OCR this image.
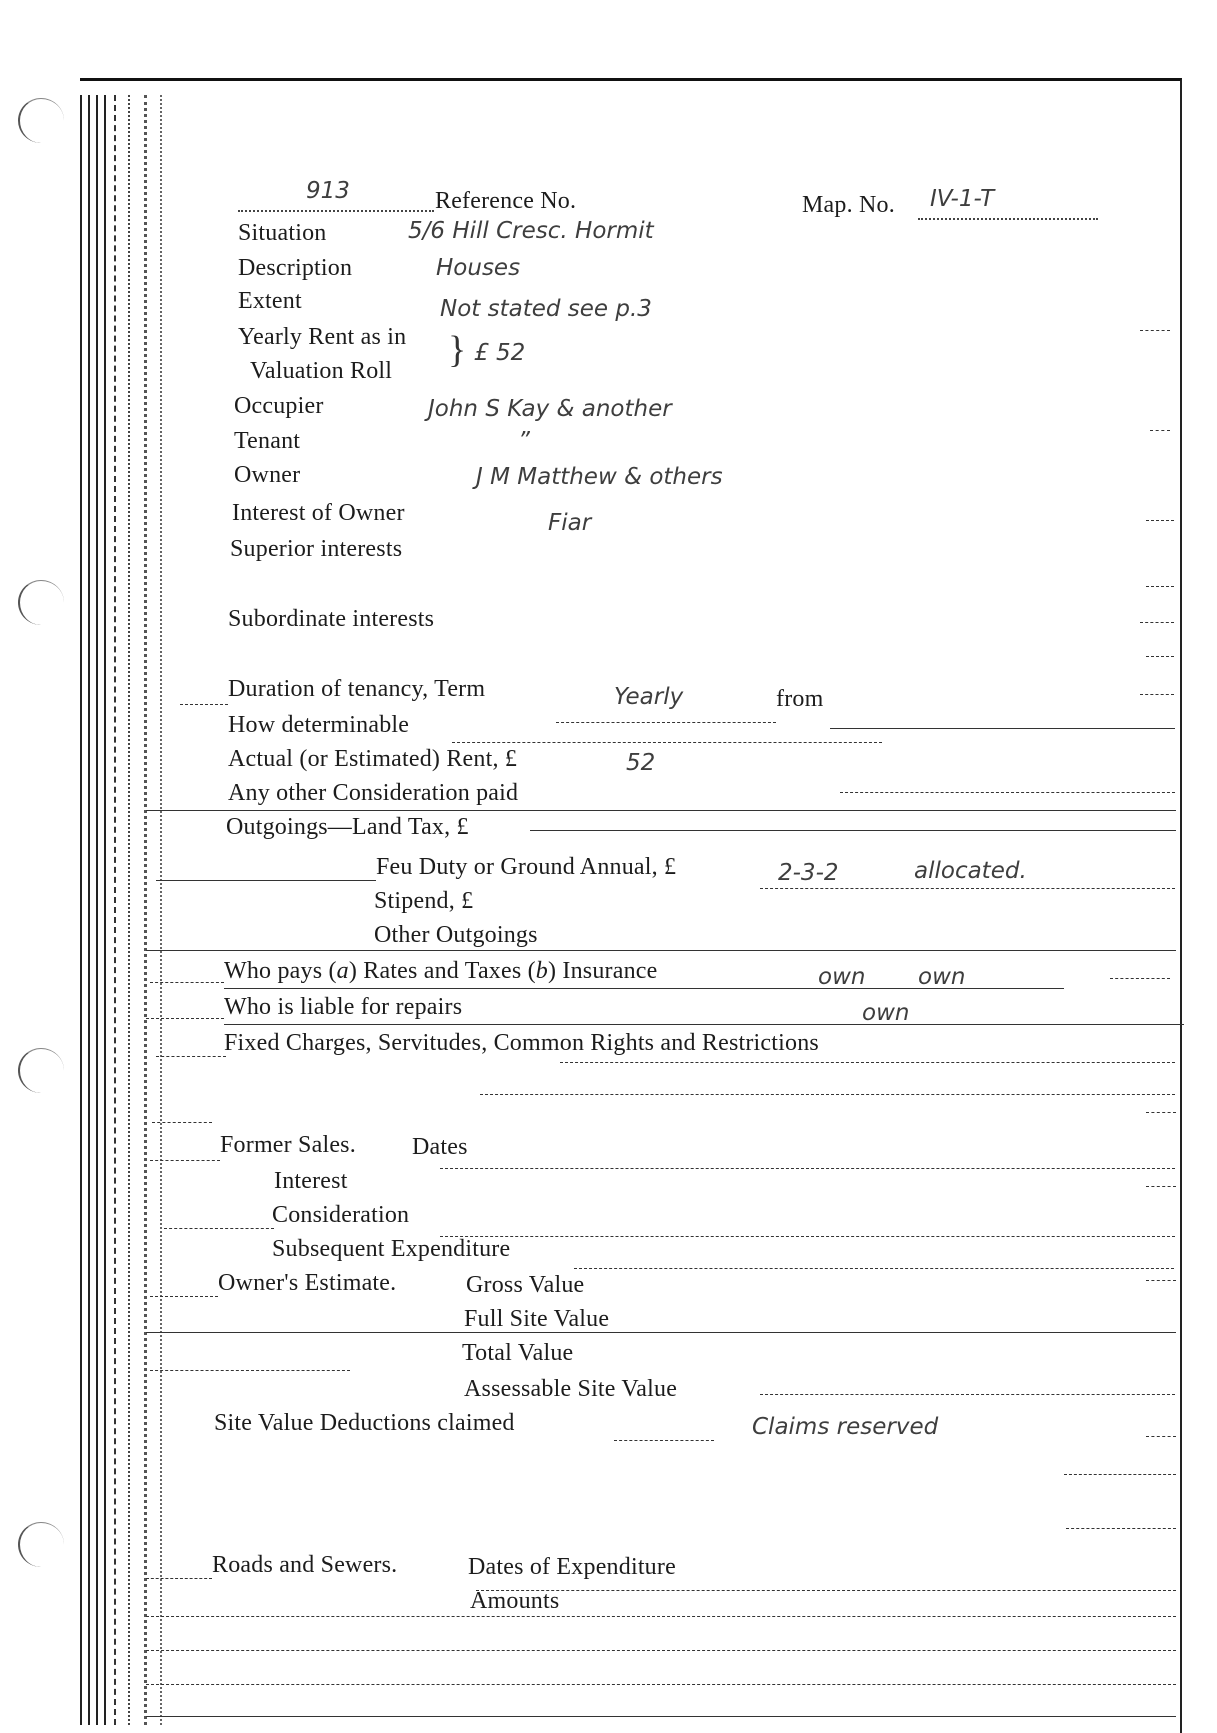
913	Reference No.	Map. No. IV-1-T
Situation	5/6 Hill Cresc. Hormit
Description	Houses
Extent	Not stated see p.3
Yearly Rent as in
Valuation Roll } £ 52
Occupier	John S Kay & another
Tenant	”
Owner	J M Matthew & others
Interest of Owner	Fiar
Superior interests
Subordinate interests
Duration of tenancy, Term	Yearly	from
How determinable
Actual (or Estimated) Rent, £	52
Any other Consideration paid
Outgoings—Land Tax, £
Feu Duty or Ground Annual, £	2-3-2	allocated.
Stipend, £
Other Outgoings
Who pays (a) Rates and Taxes (b) Insurance	own own
Who is liable for repairs	own
Fixed Charges, Servitudes, Common Rights and Restrictions
Former Sales. Dates
Interest
Consideration
Subsequent Expenditure
Owner's Estimate.	Gross Value
Full Site Value
Total Value
Assessable Site Value
Site Value Deductions claimed	Claims reserved
Roads and Sewers.	Dates of Expenditure
Amounts
